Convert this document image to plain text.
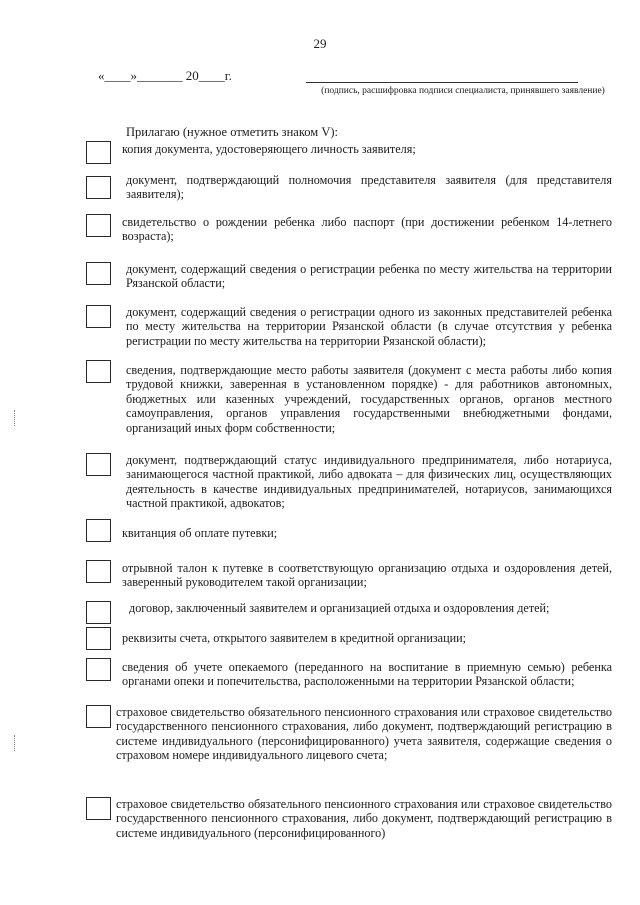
29
«____»_______ 20____г.
(подпись, расшифровка подписи специалиста, принявшего заявление)
Прилагаю (нужное отметить знаком V):
копия документа, удостоверяющего личность заявителя;
документ, подтверждающий полномочия представителя заявителя (для представителя заявителя);
свидетельство о рождении ребенка либо паспорт (при достижении ребенком 14-летнего возраста);
документ, содержащий сведения о регистрации ребенка по месту жительства на территории Рязанской области;
документ, содержащий сведения о регистрации одного из законных представителей ребенка по месту жительства на территории Рязанской области (в случае отсутствия у ребенка регистрации по месту жительства на территории Рязанской области);
сведения, подтверждающие место работы заявителя (документ с места работы либо копия трудовой книжки, заверенная в установленном порядке) - для работников автономных, бюджетных или казенных учреждений, государственных органов, органов местного самоуправления, органов управления государственными внебюджетными фондами, организаций иных форм собственности;
документ, подтверждающий статус индивидуального предпринимателя, либо нотариуса, занимающегося частной практикой, либо адвоката – для физических лиц, осуществляющих деятельность в качестве индивидуальных предпринимателей, нотариусов, занимающихся частной практикой, адвокатов;
квитанция об оплате путевки;
отрывной талон к путевке в соответствующую организацию отдыха и оздоровления детей, заверенный руководителем такой организации;
договор, заключенный заявителем и организацией отдыха и оздоровления детей;
реквизиты счета, открытого заявителем в кредитной организации;
сведения об учете опекаемого (переданного на воспитание в приемную семью) ребенка органами опеки и попечительства, расположенными на территории Рязанской области;
страховое свидетельство обязательного пенсионного страхования или страховое свидетельство государственного пенсионного страхования, либо документ, подтверждающий регистрацию в системе индивидуального (персонифицированного) учета заявителя, содержащие сведения о страховом номере индивидуального лицевого счета;
страховое свидетельство обязательного пенсионного страхования или страховое свидетельство государственного пенсионного страхования, либо документ, подтверждающий регистрацию в системе индивидуального (персонифицированного)
